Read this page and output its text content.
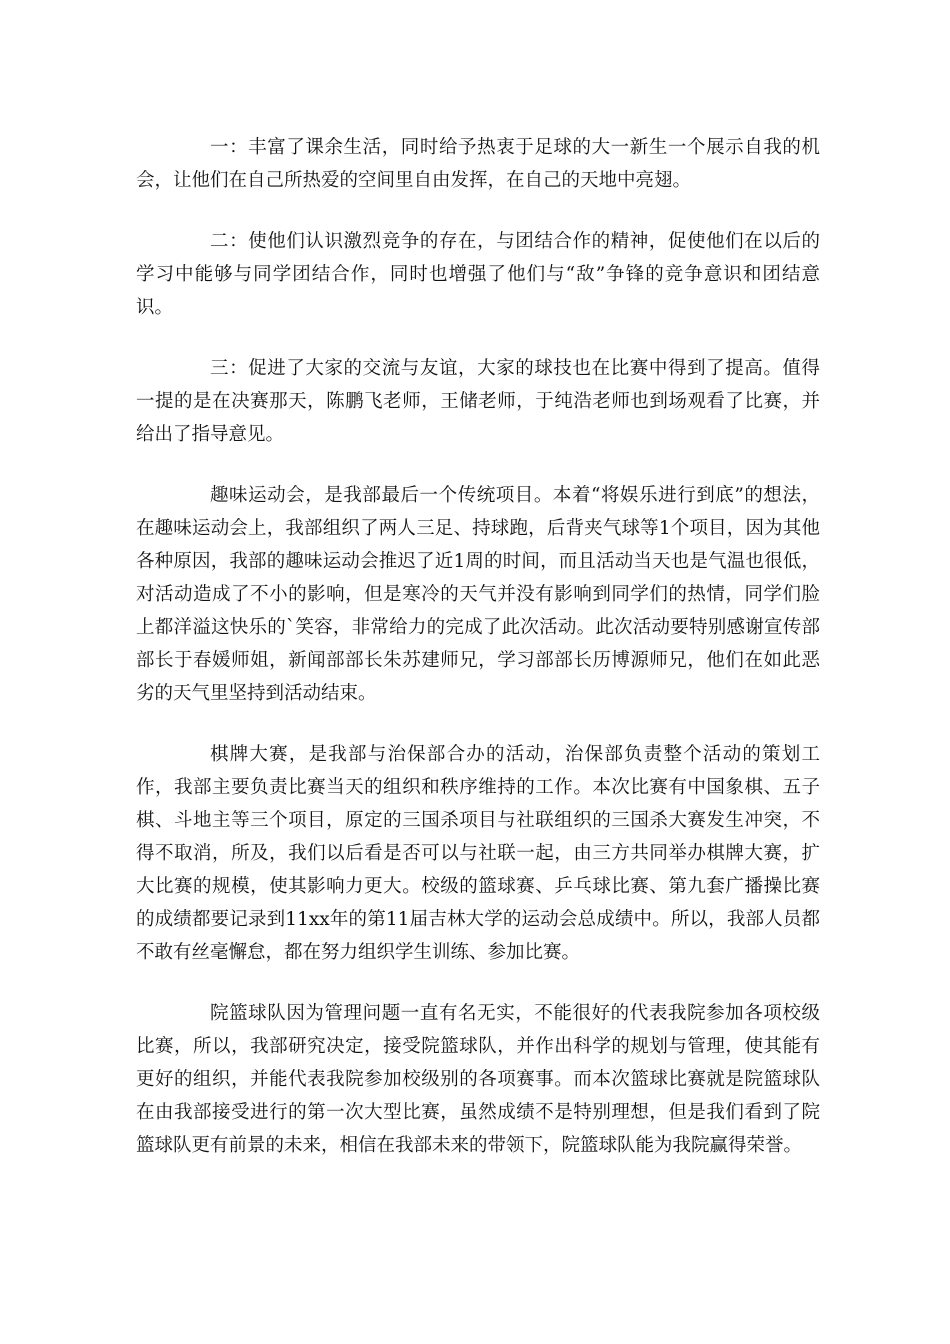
一：丰富了课余生活，同时给予热衷于足球的大一新生一个展示自我的机会，让他们在自己所热爱的空间里自由发挥，在自己的天地中亮翅。

二：使他们认识激烈竞争的存在，与团结合作的精神，促使他们在以后的学习中能够与同学团结合作，同时也增强了他们与“敌”争锋的竞争意识和团结意识。

三：促进了大家的交流与友谊，大家的球技也在比赛中得到了提高。值得一提的是在决赛那天，陈鹏飞老师，王储老师，于纯浩老师也到场观看了比赛，并给出了指导意见。

趣味运动会，是我部最后一个传统项目。本着“将娱乐进行到底”的想法，在趣味运动会上，我部组织了两人三足、持球跑，后背夹气球等1个项目，因为其他各种原因，我部的趣味运动会推迟了近1周的时间，而且活动当天也是气温也很低，对活动造成了不小的影响，但是寒冷的天气并没有影响到同学们的热情，同学们脸上都洋溢这快乐的`笑容，非常给力的完成了此次活动。此次活动要特别感谢宣传部部长于春媛师姐，新闻部部长朱苏建师兄，学习部部长历博源师兄，他们在如此恶劣的天气里坚持到活动结束。

棋牌大赛，是我部与治保部合办的活动，治保部负责整个活动的策划工作，我部主要负责比赛当天的组织和秩序维持的工作。本次比赛有中国象棋、五子棋、斗地主等三个项目，原定的三国杀项目与社联组织的三国杀大赛发生冲突，不得不取消，所及，我们以后看是否可以与社联一起，由三方共同举办棋牌大赛，扩大比赛的规模，使其影响力更大。校级的篮球赛、乒乓球比赛、第九套广播操比赛的成绩都要记录到11xx年的第11届吉林大学的运动会总成绩中。所以，我部人员都不敢有丝毫懈怠，都在努力组织学生训练、参加比赛。

院篮球队因为管理问题一直有名无实，不能很好的代表我院参加各项校级比赛，所以，我部研究决定，接受院篮球队，并作出科学的规划与管理，使其能有更好的组织，并能代表我院参加校级别的各项赛事。而本次篮球比赛就是院篮球队在由我部接受进行的第一次大型比赛，虽然成绩不是特别理想，但是我们看到了院篮球队更有前景的未来，相信在我部未来的带领下，院篮球队能为我院赢得荣誉。
